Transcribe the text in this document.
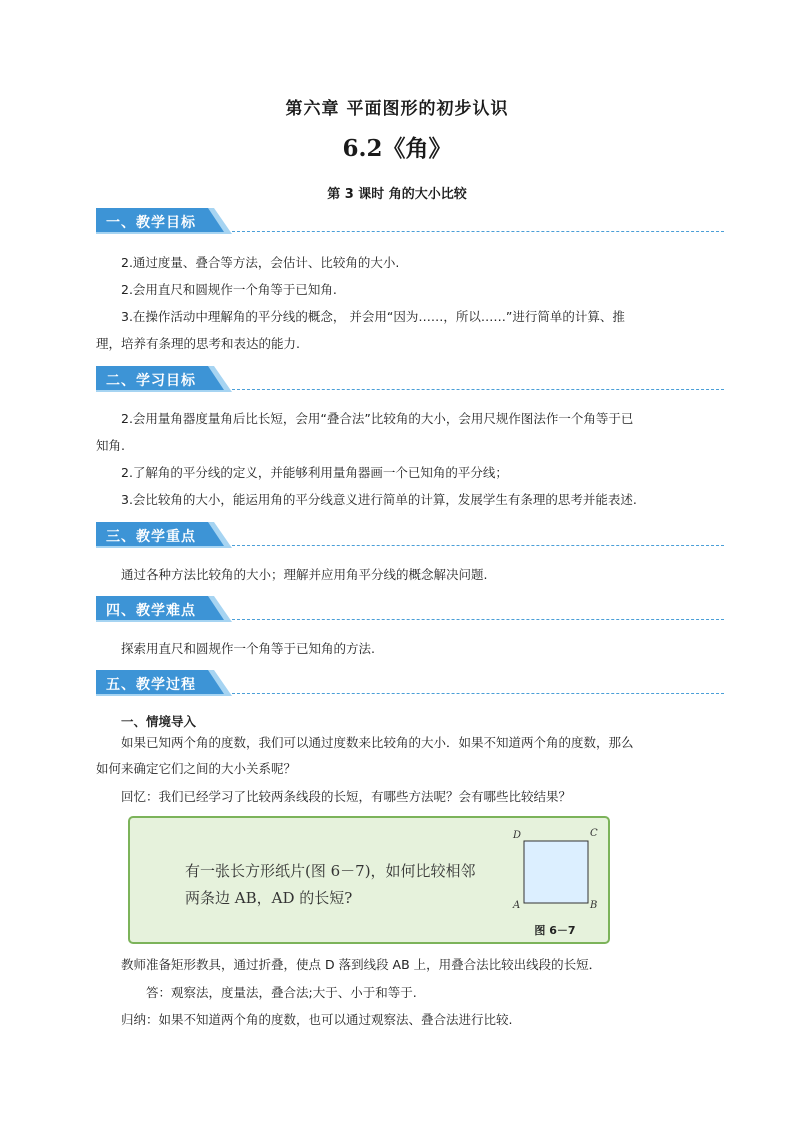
第六章 平面图形的初步认识
6.2《角》
第 3 课时 角的大小比较
一、教学目标
2.通过度量、叠合等方法，会估计、比较角的大小.
2.会用直尺和圆规作一个角等于已知角.
3.在操作活动中理解角的平分线的概念， 并会用“因为……，所以……”进行简单的计算、推
理，培养有条理的思考和表达的能力.
二、学习目标
2.会用量角器度量角后比长短，会用“叠合法”比较角的大小，会用尺规作图法作一个角等于已
知角.
2.了解角的平分线的定义，并能够利用量角器画一个已知角的平分线；
3.会比较角的大小，能运用角的平分线意义进行简单的计算，发展学生有条理的思考并能表述.
三、教学重点
通过各种方法比较角的大小；理解并应用角平分线的概念解决问题.
四、教学难点
探索用直尺和圆规作一个角等于已知角的方法.
五、教学过程
一、情境导入
如果已知两个角的度数，我们可以通过度数来比较角的大小．如果不知道两个角的度数，那么
如何来确定它们之间的大小关系呢？
回忆：我们已经学习了比较两条线段的长短，有哪些方法呢？会有哪些比较结果？
有一张长方形纸片(图 6－7)，如何比较相邻
两条边 AB，AD 的长短?
D	C
A	B
图 6－7
教师准备矩形教具，通过折叠，使点 D 落到线段 AB 上，用叠合法比较出线段的长短．
答：观察法，度量法，叠合法;大于、小于和等于.
归纳：如果不知道两个角的度数，也可以通过观察法、叠合法进行比较.
